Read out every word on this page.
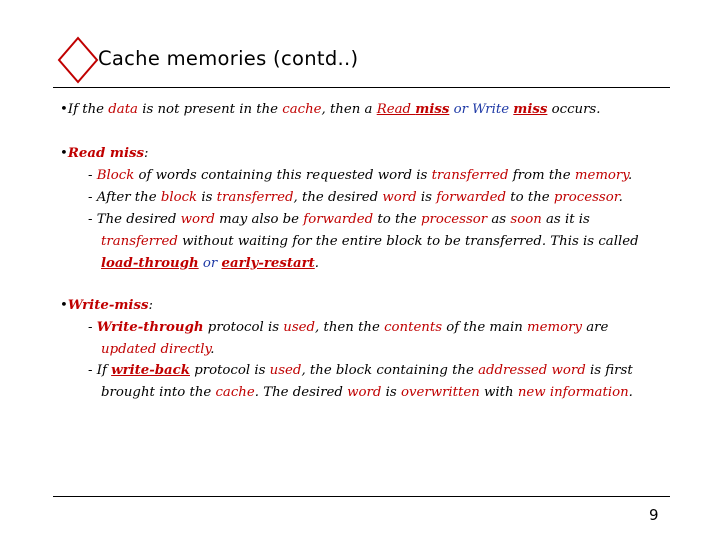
Cache memories (contd..)
•If the data is not present in the cache, then a Read miss or Write miss occurs.
•Read miss:
- Block of words containing this requested word is transferred from the memory.
- After the block is transferred, the desired word is forwarded to the processor.
- The desired word may also be forwarded to the processor as soon as it is
transferred without waiting for the entire block to be transferred. This is called
load-through or early-restart.
•Write-miss:
- Write-through protocol is used, then the contents of the main memory are
updated directly.
- If write-back protocol is used, the block containing the addressed word is first
brought into the cache. The desired word is overwritten with new information.
9
